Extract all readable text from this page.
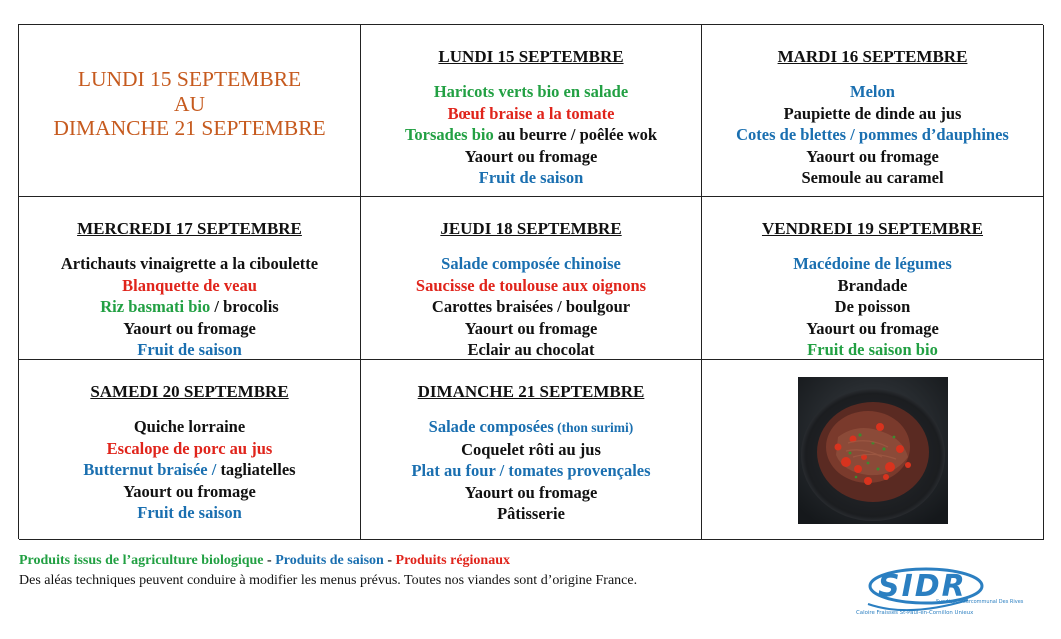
LUNDI 15 SEPTEMBRE
AU
DIMANCHE 21 SEPTEMBRE
LUNDI 15 SEPTEMBRE
Haricots verts bio en salade
Bœuf braise a la tomate
Torsades bio au beurre / poêlée wok
Yaourt ou fromage
Fruit de saison
MARDI 16 SEPTEMBRE
Melon
Paupiette de dinde au jus
Cotes de blettes / pommes d’dauphines
Yaourt ou fromage
Semoule au caramel
MERCREDI 17 SEPTEMBRE
Artichauts vinaigrette a la ciboulette
Blanquette de veau
Riz basmati bio / brocolis
Yaourt ou fromage
Fruit de saison
JEUDI 18 SEPTEMBRE
Salade composée chinoise
Saucisse de toulouse aux oignons
Carottes braisées / boulgour
Yaourt ou fromage
Eclair au chocolat
VENDREDI 19 SEPTEMBRE
Macédoine de légumes
Brandade
De poisson
Yaourt ou fromage
Fruit de saison bio
SAMEDI 20 SEPTEMBRE
Quiche lorraine
Escalope de porc au jus
Butternut braisée / tagliatelles
Yaourt ou fromage
Fruit de saison
DIMANCHE 21 SEPTEMBRE
Salade composées (thon surimi)
Coquelet rôti au jus
Plat au four / tomates provençales
Yaourt ou fromage
Pâtisserie
Produits issus de l’agriculture biologique - Produits de saison - Produits régionaux
Des aléas techniques peuvent conduire à modifier les menus prévus. Toutes nos viandes sont d’origine France.	SIDR
Syndicat Intercommunal Des Rives
Caloire Fraisses St-Paul-en-Cornillon Unieux
